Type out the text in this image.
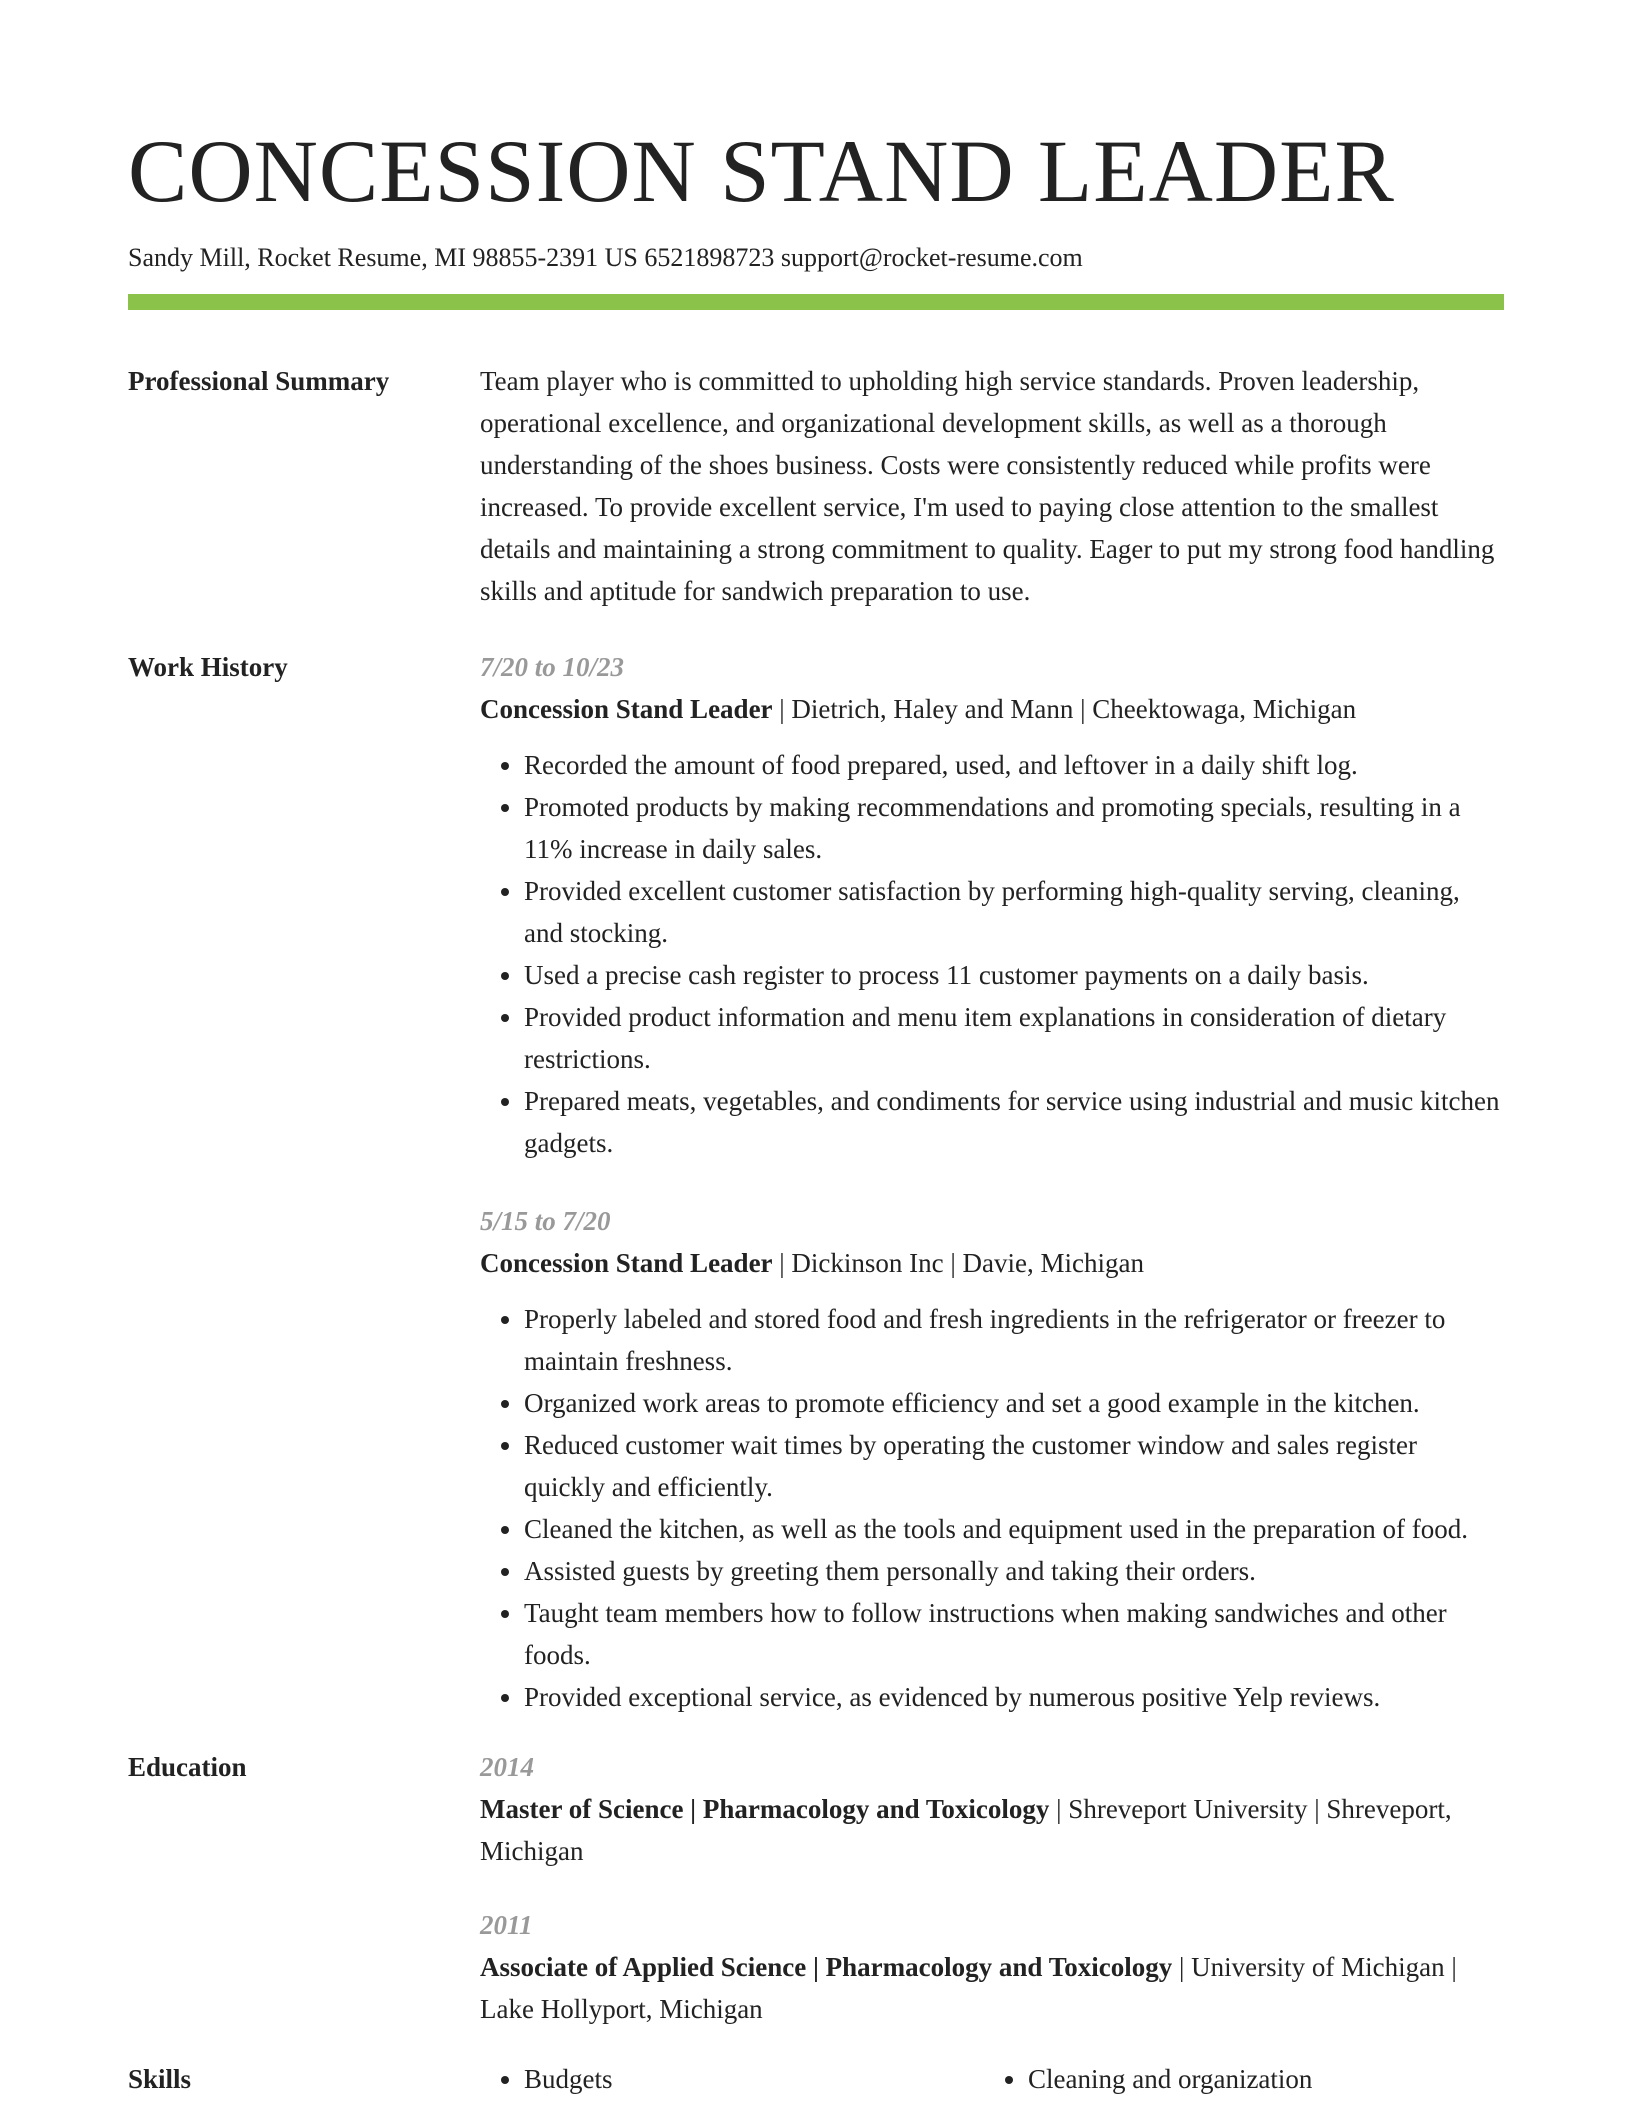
CONCESSION STAND LEADER
Sandy Mill, Rocket Resume, MI 98855-2391 US 6521898723 support@rocket-resume.com
Professional Summary	Team player who is committed to upholding high service standards. Proven leadership, operational excellence, and organizational development skills, as well as a thorough understanding of the shoes business. Costs were consistently reduced while profits were increased. To provide excellent service, I'm used to paying close attention to the smallest details and maintaining a strong commitment to quality. Eager to put my strong food handling skills and aptitude for sandwich preparation to use.
Work History	7/20 to 10/23
Concession Stand Leader | Dietrich, Haley and Mann | Cheektowaga, Michigan
• Recorded the amount of food prepared, used, and leftover in a daily shift log.
• Promoted products by making recommendations and promoting specials, resulting in a 11% increase in daily sales.
• Provided excellent customer satisfaction by performing high-quality serving, cleaning, and stocking.
• Used a precise cash register to process 11 customer payments on a daily basis.
• Provided product information and menu item explanations in consideration of dietary restrictions.
• Prepared meats, vegetables, and condiments for service using industrial and music kitchen gadgets.
5/15 to 7/20
Concession Stand Leader | Dickinson Inc | Davie, Michigan
• Properly labeled and stored food and fresh ingredients in the refrigerator or freezer to maintain freshness.
• Organized work areas to promote efficiency and set a good example in the kitchen.
• Reduced customer wait times by operating the customer window and sales register quickly and efficiently.
• Cleaned the kitchen, as well as the tools and equipment used in the preparation of food.
• Assisted guests by greeting them personally and taking their orders.
• Taught team members how to follow instructions when making sandwiches and other foods.
• Provided exceptional service, as evidenced by numerous positive Yelp reviews.
Education	2014
Master of Science | Pharmacology and Toxicology | Shreveport University | Shreveport, Michigan
2011
Associate of Applied Science | Pharmacology and Toxicology | University of Michigan | Lake Hollyport, Michigan
Skills	• Budgets	• Cleaning and organization
